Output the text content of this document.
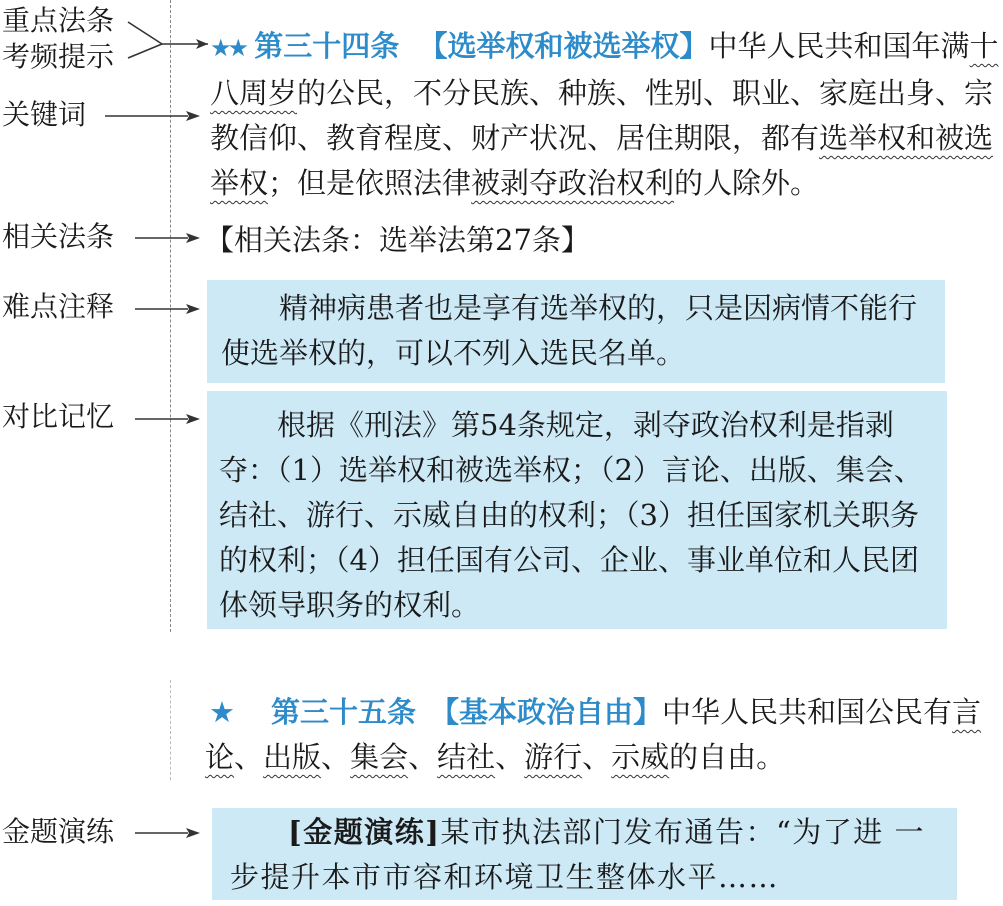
重点法条
考频提示
关键词
相关法条
难点注释
对比记忆
金题演练
★★ 第三十四条 【选举权和被选举权】中华人民共和国年满十八周岁的公民，不分民族、种族、性别、职业、家庭出身、宗教信仰、教育程度、财产状况、居住期限，都有选举权和被选举权；但是依照法律被剥夺政治权利的人除外。
【相关法条：选举法第27条】
精神病患者也是享有选举权的，只是因病情不能行使选举权的，可以不列入选民名单。
根据《刑法》第54条规定，剥夺政治权利是指剥夺：（1）选举权和被选举权；（2）言论、出版、集会、结社、游行、示威自由的权利；（3）担任国家机关职务的权利；（4）担任国有公司、企业、事业单位和人民团体领导职务的权利。
★ 第三十五条 【基本政治自由】中华人民共和国公民有言论、出版、集会、结社、游行、示威的自由。
[金题演练]某市执法部门发布通告：“为了进 一步提升本市市容和环境卫生整体水平……
